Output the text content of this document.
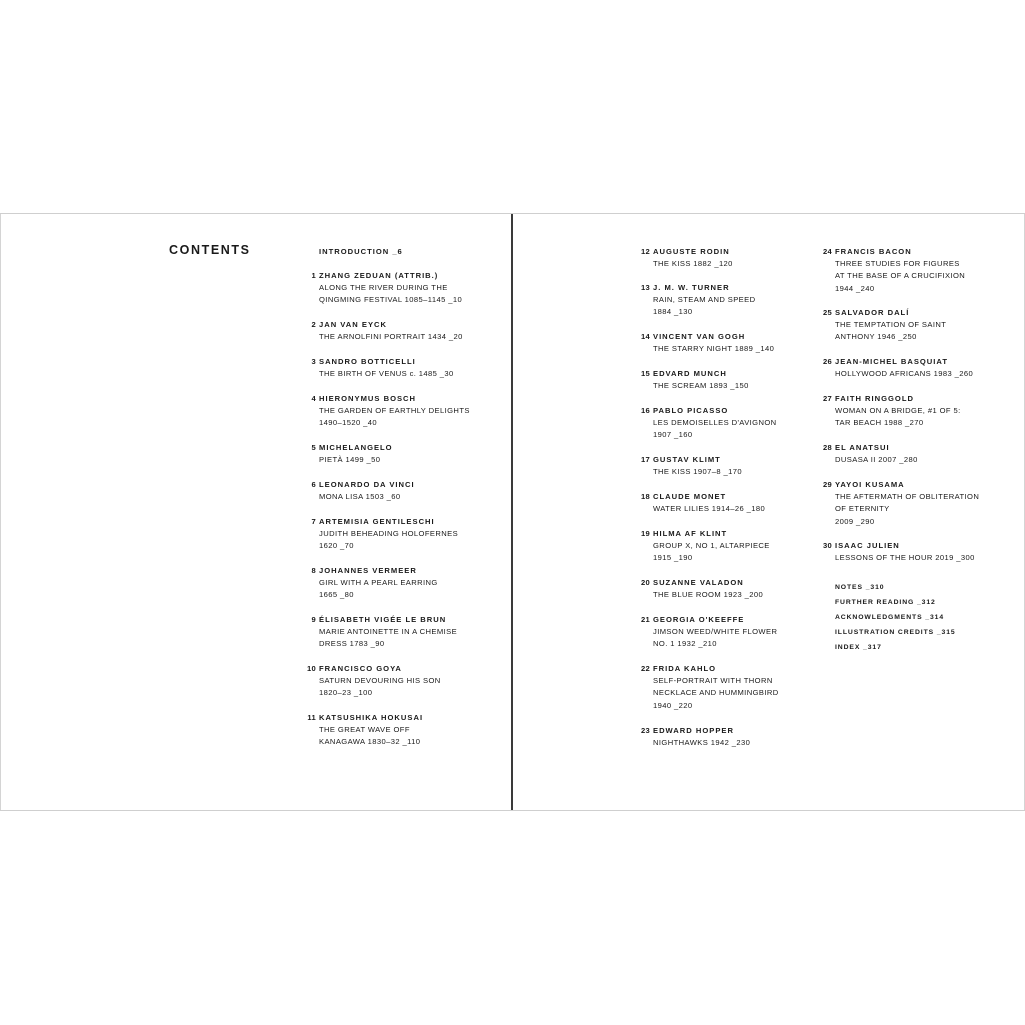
CONTENTS	INTRODUCTION _6
1 ZHANG ZEDUAN (ATTRIB.)
ALONG THE RIVER DURING THE
QINGMING FESTIVAL 1085–1145 _10
2 JAN VAN EYCK
THE ARNOLFINI PORTRAIT 1434 _20
3 SANDRO BOTTICELLI
THE BIRTH OF VENUS c. 1485 _30
4 HIERONYMUS BOSCH
THE GARDEN OF EARTHLY DELIGHTS
1490–1520 _40
5 MICHELANGELO
PIETÀ 1499 _50
6 LEONARDO DA VINCI
MONA LISA 1503 _60
7 ARTEMISIA GENTILESCHI
JUDITH BEHEADING HOLOFERNES
1620 _70
8 JOHANNES VERMEER
GIRL WITH A PEARL EARRING
1665 _80
9 ÉLISABETH VIGÉE LE BRUN
MARIE ANTOINETTE IN A CHEMISE
DRESS 1783 _90
10 FRANCISCO GOYA
SATURN DEVOURING HIS SON
1820–23 _100
11 KATSUSHIKA HOKUSAI
THE GREAT WAVE OFF
KANAGAWA 1830–32 _110
12 AUGUSTE RODIN
THE KISS 1882 _120
13 J. M. W. TURNER
RAIN, STEAM AND SPEED
1884 _130
14 VINCENT VAN GOGH
THE STARRY NIGHT 1889 _140
15 EDVARD MUNCH
THE SCREAM 1893 _150
16 PABLO PICASSO
LES DEMOISELLES D'AVIGNON
1907 _160
17 GUSTAV KLIMT
THE KISS 1907–8 _170
18 CLAUDE MONET
WATER LILIES 1914–26 _180
19 HILMA AF KLINT
GROUP X, NO 1, ALTARPIECE
1915 _190
20 SUZANNE VALADON
THE BLUE ROOM 1923 _200
21 GEORGIA O'KEEFFE
JIMSON WEED/WHITE FLOWER
NO. 1 1932 _210
22 FRIDA KAHLO
SELF-PORTRAIT WITH THORN
NECKLACE AND HUMMINGBIRD
1940 _220
23 EDWARD HOPPER
NIGHTHAWKS 1942 _230
24 FRANCIS BACON
THREE STUDIES FOR FIGURES
AT THE BASE OF A CRUCIFIXION
1944 _240
25 SALVADOR DALÍ
THE TEMPTATION OF SAINT
ANTHONY 1946 _250
26 JEAN-MICHEL BASQUIAT
HOLLYWOOD AFRICANS 1983 _260
27 FAITH RINGGOLD
WOMAN ON A BRIDGE, #1 OF 5:
TAR BEACH 1988 _270
28 EL ANATSUI
DUSASA II 2007 _280
29 YAYOI KUSAMA
THE AFTERMATH OF OBLITERATION
OF ETERNITY
2009 _290
30 ISAAC JULIEN
LESSONS OF THE HOUR 2019 _300
NOTES _310
FURTHER READING _312
ACKNOWLEDGMENTS _314
ILLUSTRATION CREDITS _315
INDEX _317
